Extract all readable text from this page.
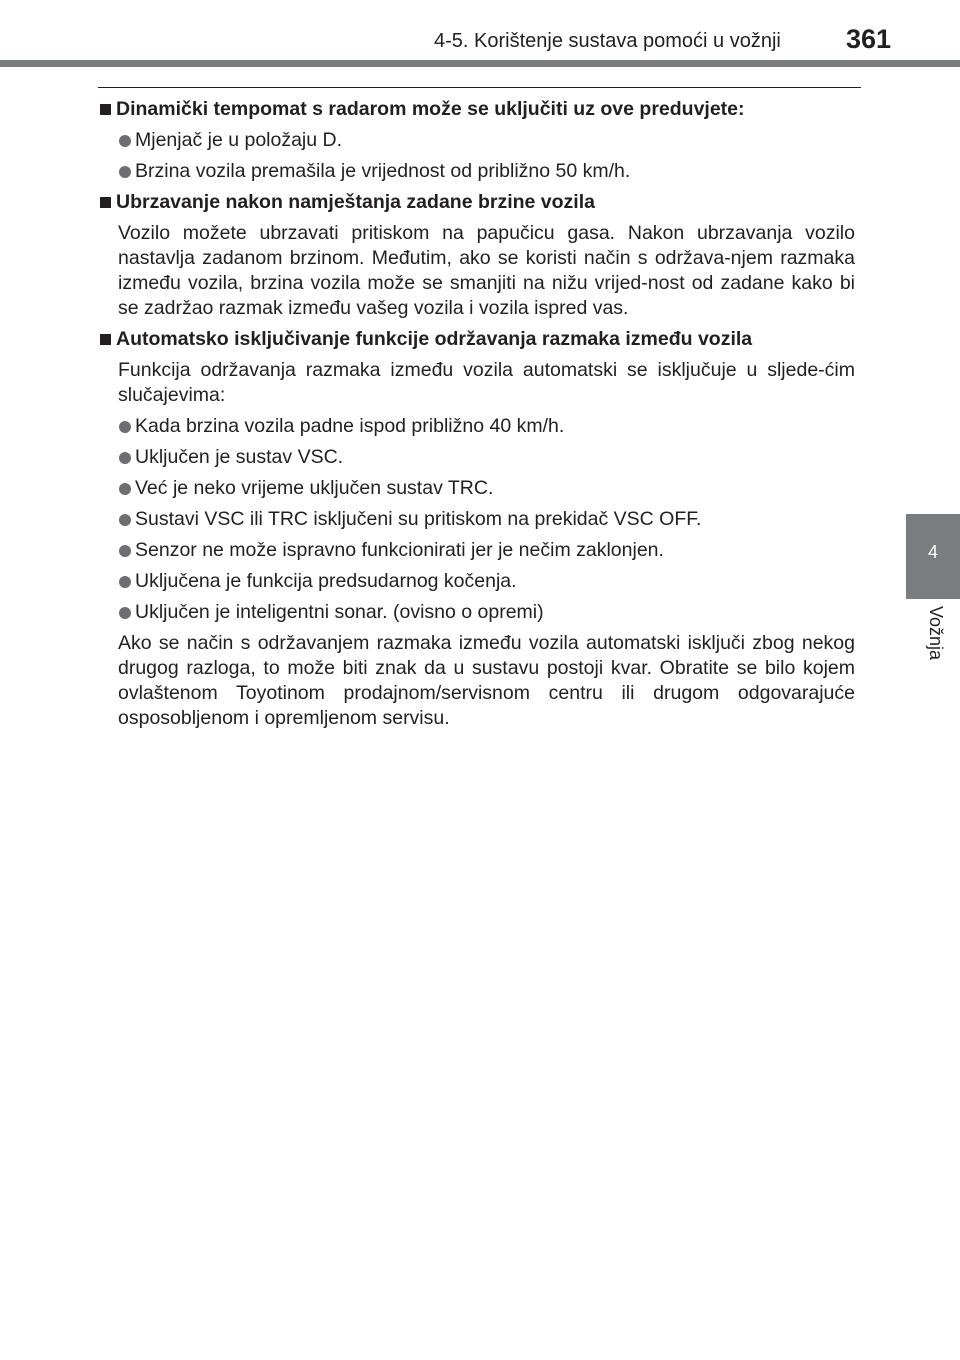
4-5. Korištenje sustava pomoći u vožnji 361
4
Vožnja
Dinamički tempomat s radarom može se uključiti uz ove preduvjete:
Mjenjač je u položaju D.
Brzina vozila premašila je vrijednost od približno 50 km/h.
Ubrzavanje nakon namještanja zadane brzine vozila
Vozilo možete ubrzavati pritiskom na papučicu gasa. Nakon ubrzavanja vozilo nastavlja zadanom brzinom. Međutim, ako se koristi način s održava-njem razmaka između vozila, brzina vozila može se smanjiti na nižu vrijed-nost od zadane kako bi se zadržao razmak između vašeg vozila i vozila ispred vas.
Automatsko isključivanje funkcije održavanja razmaka između vozila
Funkcija održavanja razmaka između vozila automatski se isključuje u sljede-ćim slučajevima:
Kada brzina vozila padne ispod približno 40 km/h.
Uključen je sustav VSC.
Već je neko vrijeme uključen sustav TRC.
Sustavi VSC ili TRC isključeni su pritiskom na prekidač VSC OFF.
Senzor ne može ispravno funkcionirati jer je nečim zaklonjen.
Uključena je funkcija predsudarnog kočenja.
Uključen je inteligentni sonar. (ovisno o opremi)
Ako se način s održavanjem razmaka između vozila automatski isključi zbog nekog drugog razloga, to može biti znak da u sustavu postoji kvar. Obratite se bilo kojem ovlaštenom Toyotinom prodajnom/servisnom centru ili drugom odgovarajuće osposobljenom i opremljenom servisu.
